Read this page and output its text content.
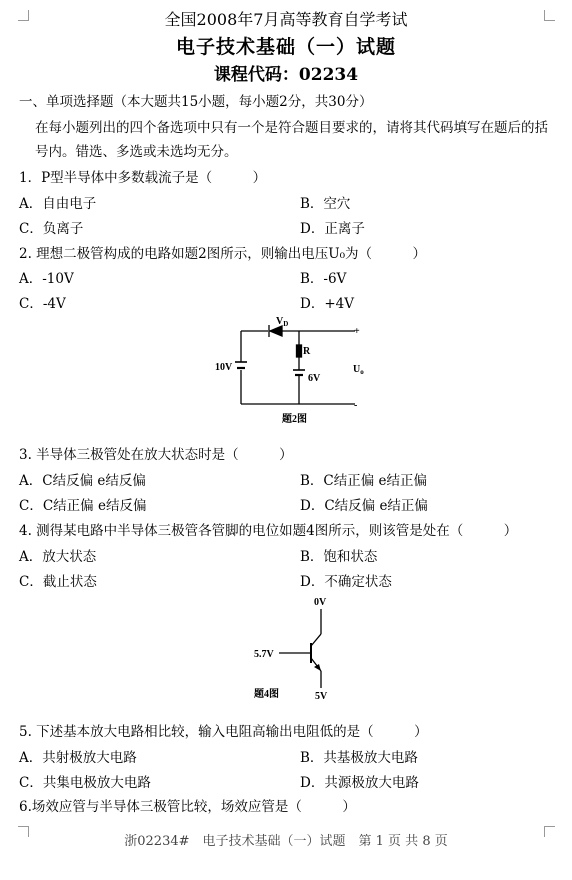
全国2008年7月高等教育自学考试
电子技术基础（一）试题
课程代码：02234
一、单项选择题（本大题共15小题，每小题2分，共30分）
在每小题列出的四个备选项中只有一个是符合题目要求的，请将其代码填写在题后的括
号内。错选、多选或未选均无分。
1．P型半导体中多数载流子是（　　　）
A．自由电子	B．空穴
C．负离子	D．正离子
2. 理想二极管构成的电路如题2图所示，则输出电压U₀为（　　　）
A．-10V	B．-6V
C．-4V	D．+4V
$V_D$
R
10V
6V
$U_o$
+
-
题2图
3. 半导体三极管处在放大状态时是（　　　）
A．C结反偏 e结反偏	B．C结正偏 e结正偏
C．C结正偏 e结反偏	D．C结反偏 e结正偏
4. 测得某电路中半导体三极管各管脚的电位如题4图所示，则该管是处在（　　　）
A．放大状态	B．饱和状态
C．截止状态	D．不确定状态
0V
5.7V
5V
题4图
5. 下述基本放大电路相比较，输入电阻高输出电阻低的是（　　　）
A．共射极放大电路	B．共基极放大电路
C．共集电极放大电路	D．共源极放大电路
6.场效应管与半导体三极管比较，场效应管是（　　　）
浙02234#　电子技术基础（一）试题　第 1 页 共 8 页
